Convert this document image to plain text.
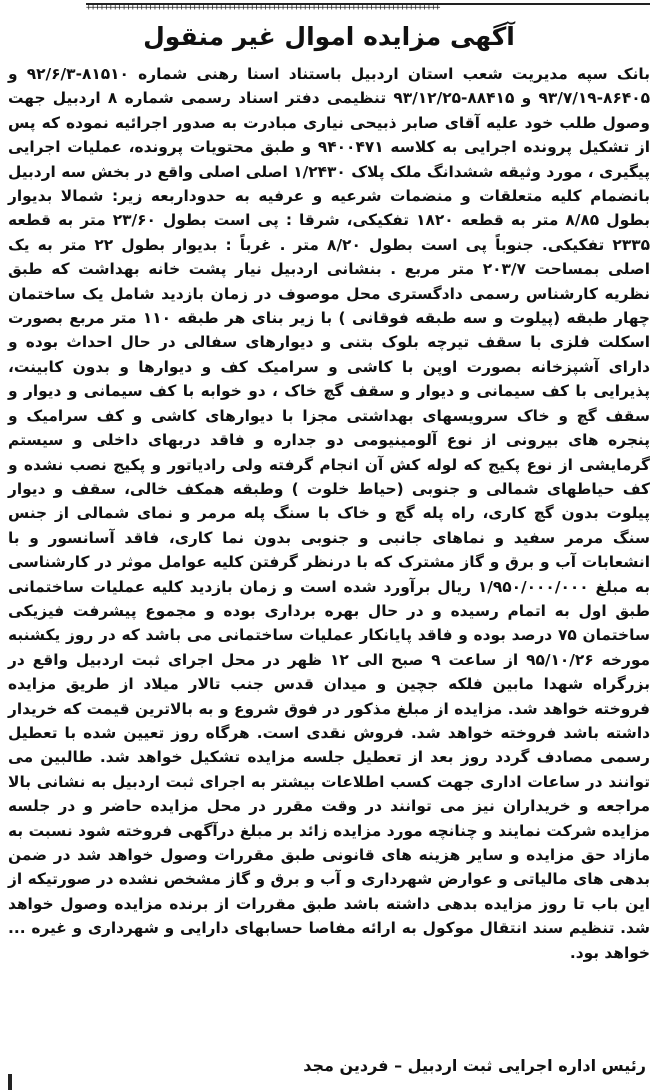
++++++++++++++++++++++++++++++++++++++++++++++++++++++++++++++++++++++++++++++++
آگهی مزایده اموال غیر منقول
بانک سپه مدیریت شعب استان اردبیل باستناد اسنا رهنی شماره ۸۱۵۱۰-۹۲/۶/۳ و ۸۶۴۰۵-۹۳/۷/۱۹ و ۸۸۴۱۵-۹۳/۱۲/۲۵ تنظیمی دفتر اسناد رسمی شماره ۸ اردبیل جهت وصول طلب خود علیه آقای صابر ذبیحی نیاری مبادرت به صدور اجرائیه نموده که پس از تشکیل پرونده اجرایی به کلاسه ۹۴۰۰۴۷۱ و طبق محتویات پرونده، عملیات اجرایی پیگیری ، مورد وثیقه ششدانگ ملک پلاک ۱/۲۴۳۰ اصلی اصلی واقع در بخش سه اردبیل بانضمام کلیه متعلقات و منضمات شرعیه و عرفیه به حدوداربعه زیر: شمالا بدیوار بطول ۸/۸۵ متر به قطعه ۱۸۲۰ تفکیکی، شرقا : پی است بطول ۲۳/۶۰ متر به قطعه ۲۳۳۵ تفکیکی. جنوباً پی است بطول ۸/۲۰ متر . غرباً : بدیوار بطول ۲۲ متر به یک اصلی بمساحت ۲۰۳/۷ متر مربع . بنشانی اردبیل نیار پشت خانه بهداشت که طبق نظریه کارشناس رسمی دادگستری محل موصوف در زمان بازدید شامل یک ساختمان چهار طبقه (پیلوت و سه طبقه فوقانی ) با زیر بنای هر طبقه ۱۱۰ متر مربع بصورت اسکلت فلزی با سقف تیرچه بلوک بتنی و دیوارهای سفالی در حال احداث بوده و دارای آشپزخانه بصورت اوپن با کاشی و سرامیک کف و دیوارها و بدون کابینت، پذیرایی با کف سیمانی و دیوار و سقف گچ خاک ، دو خوابه با کف سیمانی و دیوار و سقف گچ و خاک سرویسهای بهداشتی مجزا با دیوارهای کاشی و کف سرامیک و پنجره های بیرونی از نوع آلومینیومی دو جداره و فاقد دربهای داخلی و سیستم گرمایشی از نوع پکیج که لوله کش آن انجام گرفته ولی رادیاتور و پکیج نصب نشده و کف حیاطهای شمالی و جنوبی (حیاط خلوت ) وطبقه همکف خالی، سقف و دیوار پیلوت بدون گچ کاری، راه پله گچ و خاک با سنگ پله مرمر و نمای شمالی از جنس سنگ مرمر سفید و نماهای جانبی و جنوبی بدون نما کاری، فاقد آسانسور و با انشعابات آب و برق و گاز مشترک که با درنظر گرفتن کلیه عوامل موثر در کارشناسی به مبلغ ۱/۹۵۰/۰۰۰/۰۰۰ ریال برآورد شده است و زمان بازدید کلیه عملیات ساختمانی طبق اول به اتمام رسیده و در حال بهره برداری بوده و مجموع پیشرفت فیزیکی ساختمان ۷۵ درصد بوده و فاقد پایانکار عملیات ساختمانی می باشد که در روز یکشنبه مورخه ۹۵/۱۰/۲۶ از ساعت ۹ صبح الی ۱۲ ظهر در محل اجرای ثبت اردبیل واقع در بزرگراه شهدا مابین فلکه جچین و میدان قدس جنب تالار میلاد از طریق مزایده فروخته خواهد شد. مزایده از مبلغ مذکور در فوق شروع و به بالاترین قیمت که خریدار داشته باشد فروخته خواهد شد. فروش نقدی است. هرگاه روز تعیین شده با تعطیل رسمی مصادف گردد روز بعد از تعطیل جلسه مزایده تشکیل خواهد شد. طالبین می توانند در ساعات اداری جهت کسب اطلاعات بیشتر به اجرای ثبت اردبیل به نشانی بالا مراجعه و خریداران نیز می توانند در وقت مقرر در محل مزایده حاضر و در جلسه مزایده شرکت نمایند و چنانچه مورد مزایده زائد بر مبلغ درآگهی فروخته شود نسبت به مازاد حق مزایده و سایر هزینه های قانونی طبق مقررات وصول خواهد شد در ضمن بدهی های مالیاتی و عوارض شهرداری و آب و برق و گاز مشخص نشده در صورتیکه از این باب تا روز مزایده بدهی داشته باشد طبق مقررات از برنده مزایده وصول خواهد شد. تنظیم سند انتقال موکول به ارائه مفاصا حسابهای دارایی و شهرداری و غیره ... خواهد بود.
رئیس اداره اجرایی ثبت اردبیل – فردین مجد
